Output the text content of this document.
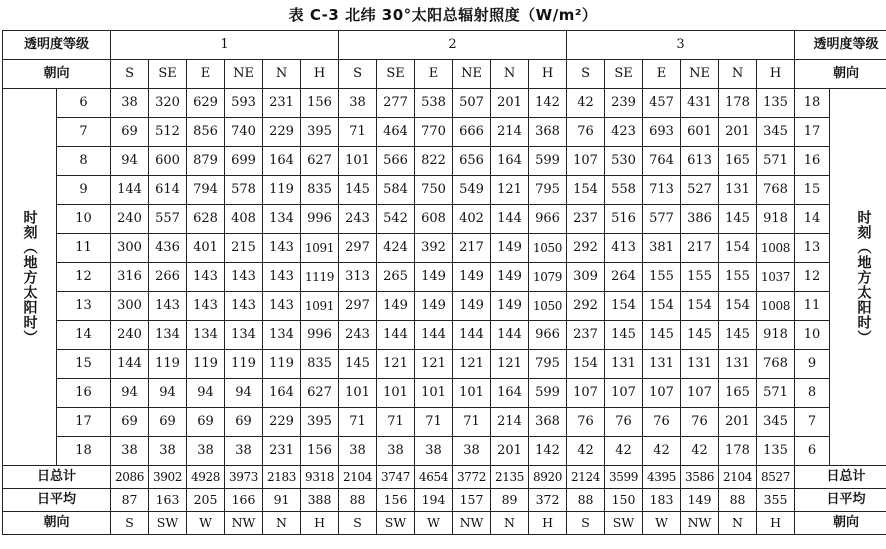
表 C-3 北纬 30°太阳总辐射照度（W/m²）
透明度等级		1						2						3						透明度等级	
朝向		S	SE	E	NE	N	H	S	SE	E	NE	N	H	S	SE	E	NE	N	H	朝向	
时刻（地方太阳时）	6	38	320	629	593	231	156	38	277	538	507	201	142	42	239	457	431	178	135	18	时刻（地方太阳时）
	7	69	512	856	740	229	395	71	464	770	666	214	368	76	423	693	601	201	345	17	
	8	94	600	879	699	164	627	101	566	822	656	164	599	107	530	764	613	165	571	16	
	9	144	614	794	578	119	835	145	584	750	549	121	795	154	558	713	527	131	768	15	
	10	240	557	628	408	134	996	243	542	608	402	144	966	237	516	577	386	145	918	14	
	11	300	436	401	215	143	1091	297	424	392	217	149	1050	292	413	381	217	154	1008	13	
	12	316	266	143	143	143	1119	313	265	149	149	149	1079	309	264	155	155	155	1037	12	
	13	300	143	143	143	143	1091	297	149	149	149	149	1050	292	154	154	154	154	1008	11	
	14	240	134	134	134	134	996	243	144	144	144	144	966	237	145	145	145	145	918	10	
	15	144	119	119	119	119	835	145	121	121	121	121	795	154	131	131	131	131	768	9	
	16	94	94	94	94	164	627	101	101	101	101	164	599	107	107	107	107	165	571	8	
	17	69	69	69	69	229	395	71	71	71	71	214	368	76	76	76	76	201	345	7	
	18	38	38	38	38	231	156	38	38	38	38	201	142	42	42	42	42	178	135	6	
日总计		2086	3902	4928	3973	2183	9318	2104	3747	4654	3772	2135	8920	2124	3599	4395	3586	2104	8527	日总计	
日平均		87	163	205	166	91	388	88	156	194	157	89	372	88	150	183	149	88	355	日平均	
朝向		S	SW	W	NW	N	H	S	SW	W	NW	N	H	S	SW	W	NW	N	H	朝向	
